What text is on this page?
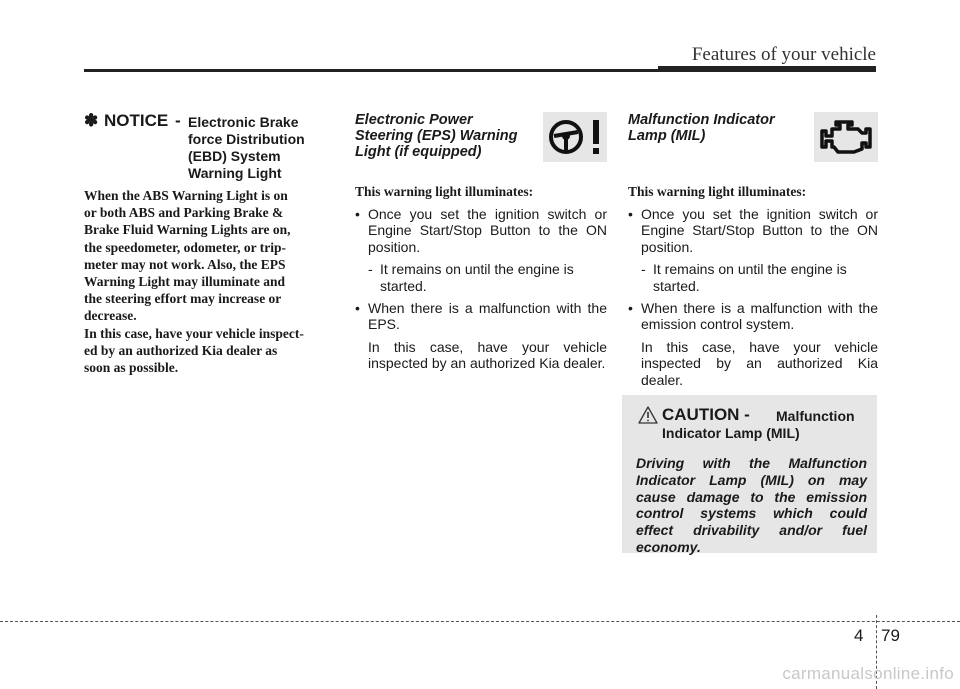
Features of your vehicle
✽ NOTICE - Electronic Brake
force Distribution
(EBD) System
Warning Light
When the ABS Warning Light is on
or both ABS and Parking Brake &
Brake Fluid Warning Lights are on,
the speedometer, odometer, or trip-
meter may not work. Also, the EPS
Warning Light may illuminate and
the steering effort may increase or
decrease.
In this case, have your vehicle inspect-
ed by an authorized Kia dealer as
soon as possible.
Electronic Power
Steering (EPS) Warning
Light (if equipped)
This warning light illuminates:
• Once you set the ignition switch or Engine Start/Stop Button to the ON position.
- It remains on until the engine is
started.
• When there is a malfunction with the EPS.
In this case, have your vehicle inspected by an authorized Kia dealer.
Malfunction Indicator
Lamp (MIL)
This warning light illuminates:
• Once you set the ignition switch or Engine Start/Stop Button to the ON position.
- It remains on until the engine is
started.
• When there is a malfunction with the emission control system.
In this case, have your vehicle inspected by an authorized Kia dealer.
CAUTION - Malfunction
Indicator Lamp (MIL)
Driving with the Malfunction Indicator Lamp (MIL) on may cause damage to the emission control systems which could effect drivability and/or fuel economy.
4 79
carmanualsonline.info
